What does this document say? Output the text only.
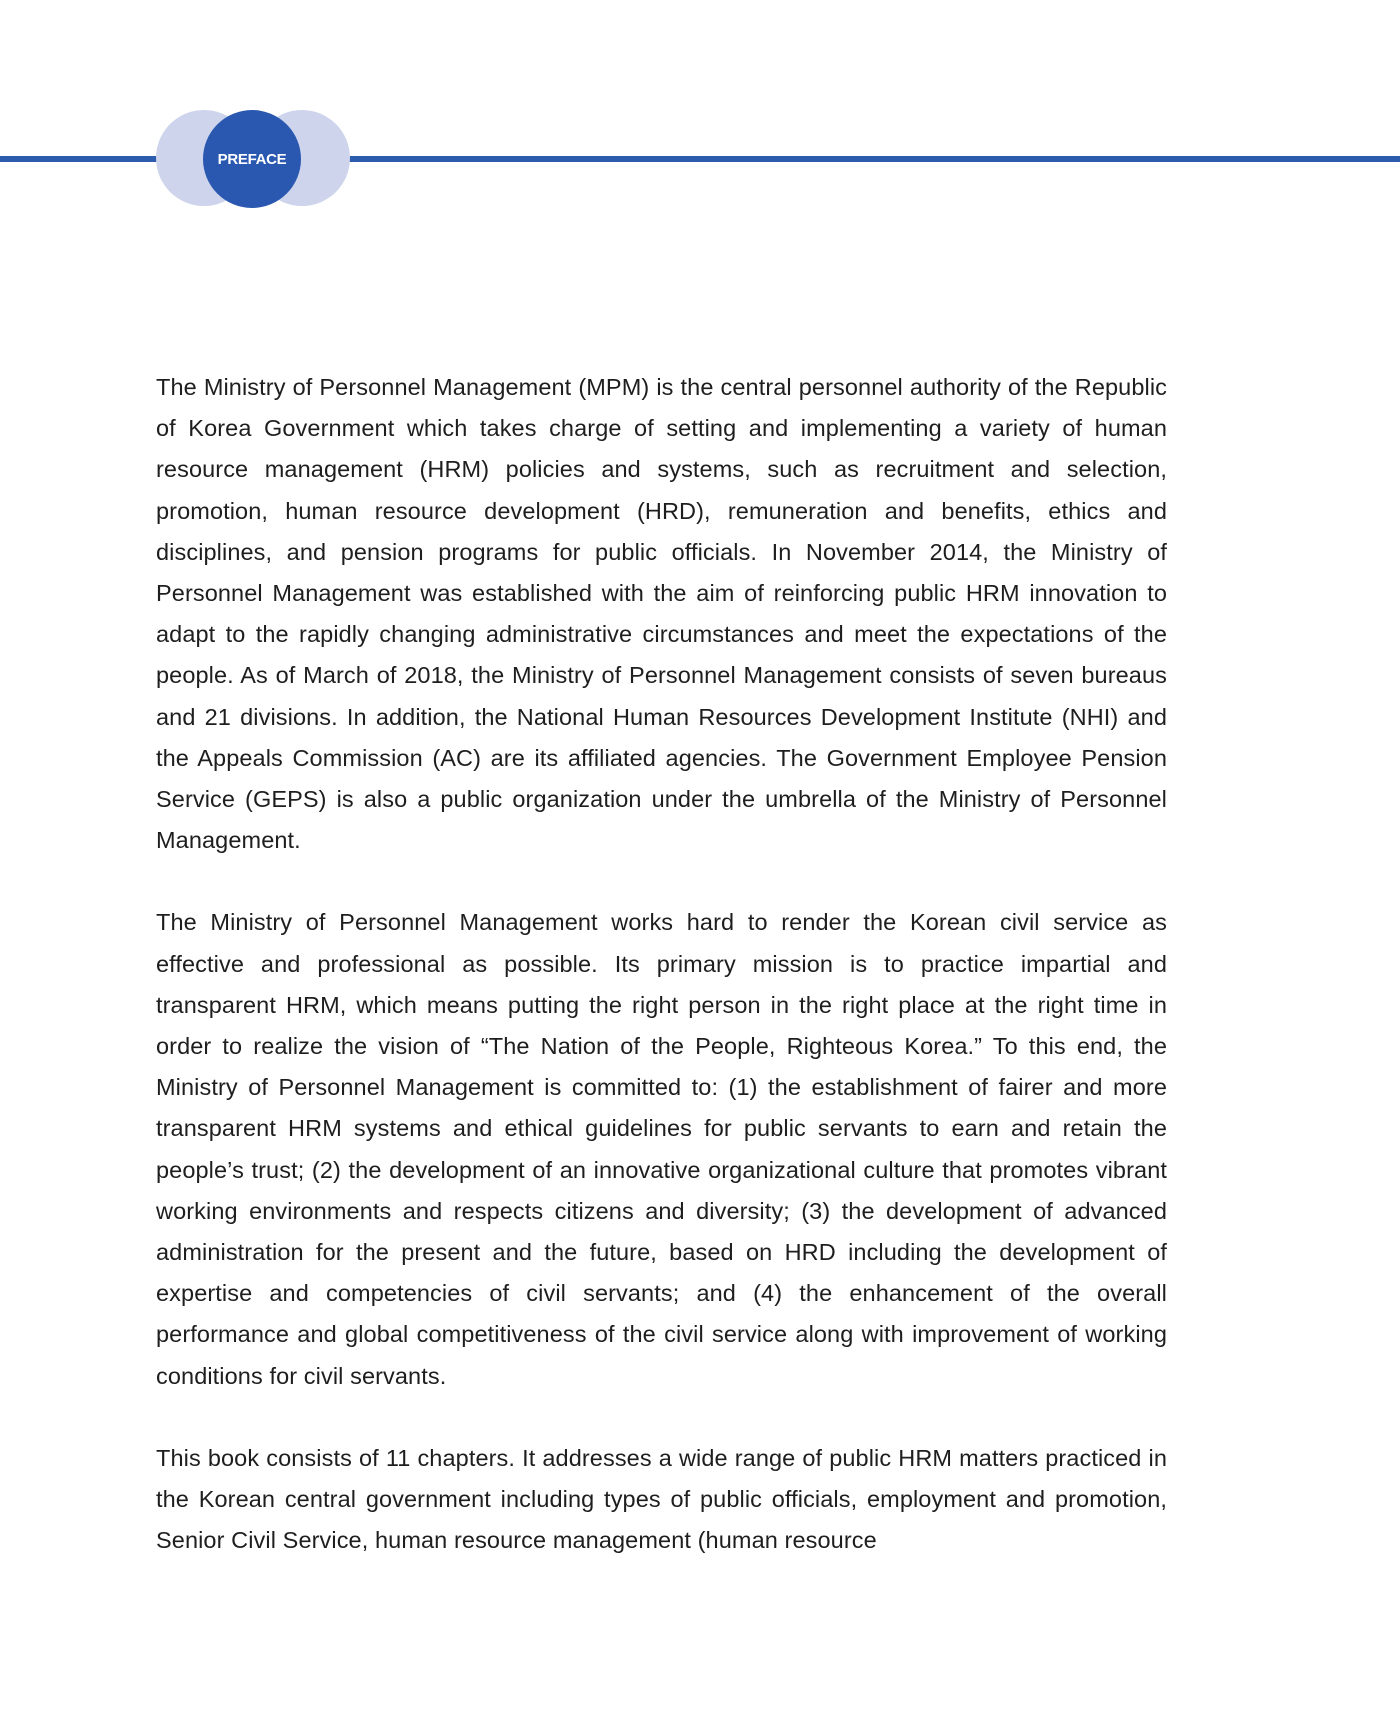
PREFACE

The Ministry of Personnel Management (MPM) is the central personnel authority of the Republic of Korea Government which takes charge of setting and implementing a variety of human resource management (HRM) policies and systems, such as recruitment and selection, promotion, human resource development (HRD), remuneration and benefits, ethics and disciplines, and pension programs for public officials. In November 2014, the Ministry of Personnel Management was established with the aim of reinforcing public HRM innovation to adapt to the rapidly changing administrative circumstances and meet the expectations of the people. As of March of 2018, the Ministry of Personnel Management consists of seven bureaus and 21 divisions. In addition, the National Human Resources Development Institute (NHI) and the Appeals Commission (AC) are its affiliated agencies. The Government Employee Pension Service (GEPS) is also a public organization under the umbrella of the Ministry of Personnel Management.

The Ministry of Personnel Management works hard to render the Korean civil service as effective and professional as possible. Its primary mission is to practice impartial and transparent HRM, which means putting the right person in the right place at the right time in order to realize the vision of “The Nation of the People, Righteous Korea.” To this end, the Ministry of Personnel Management is committed to: (1) the establishment of fairer and more transparent HRM systems and ethical guidelines for public servants to earn and retain the people’s trust; (2) the development of an innovative organizational culture that promotes vibrant working environments and respects citizens and diversity; (3) the development of advanced administration for the present and the future, based on HRD including the development of expertise and competencies of civil servants; and (4) the enhancement of the overall performance and global competitiveness of the civil service along with improvement of working conditions for civil servants.

This book consists of 11 chapters. It addresses a wide range of public HRM matters practiced in the Korean central government including types of public officials, employment and promotion, Senior Civil Service, human resource management (human resource
